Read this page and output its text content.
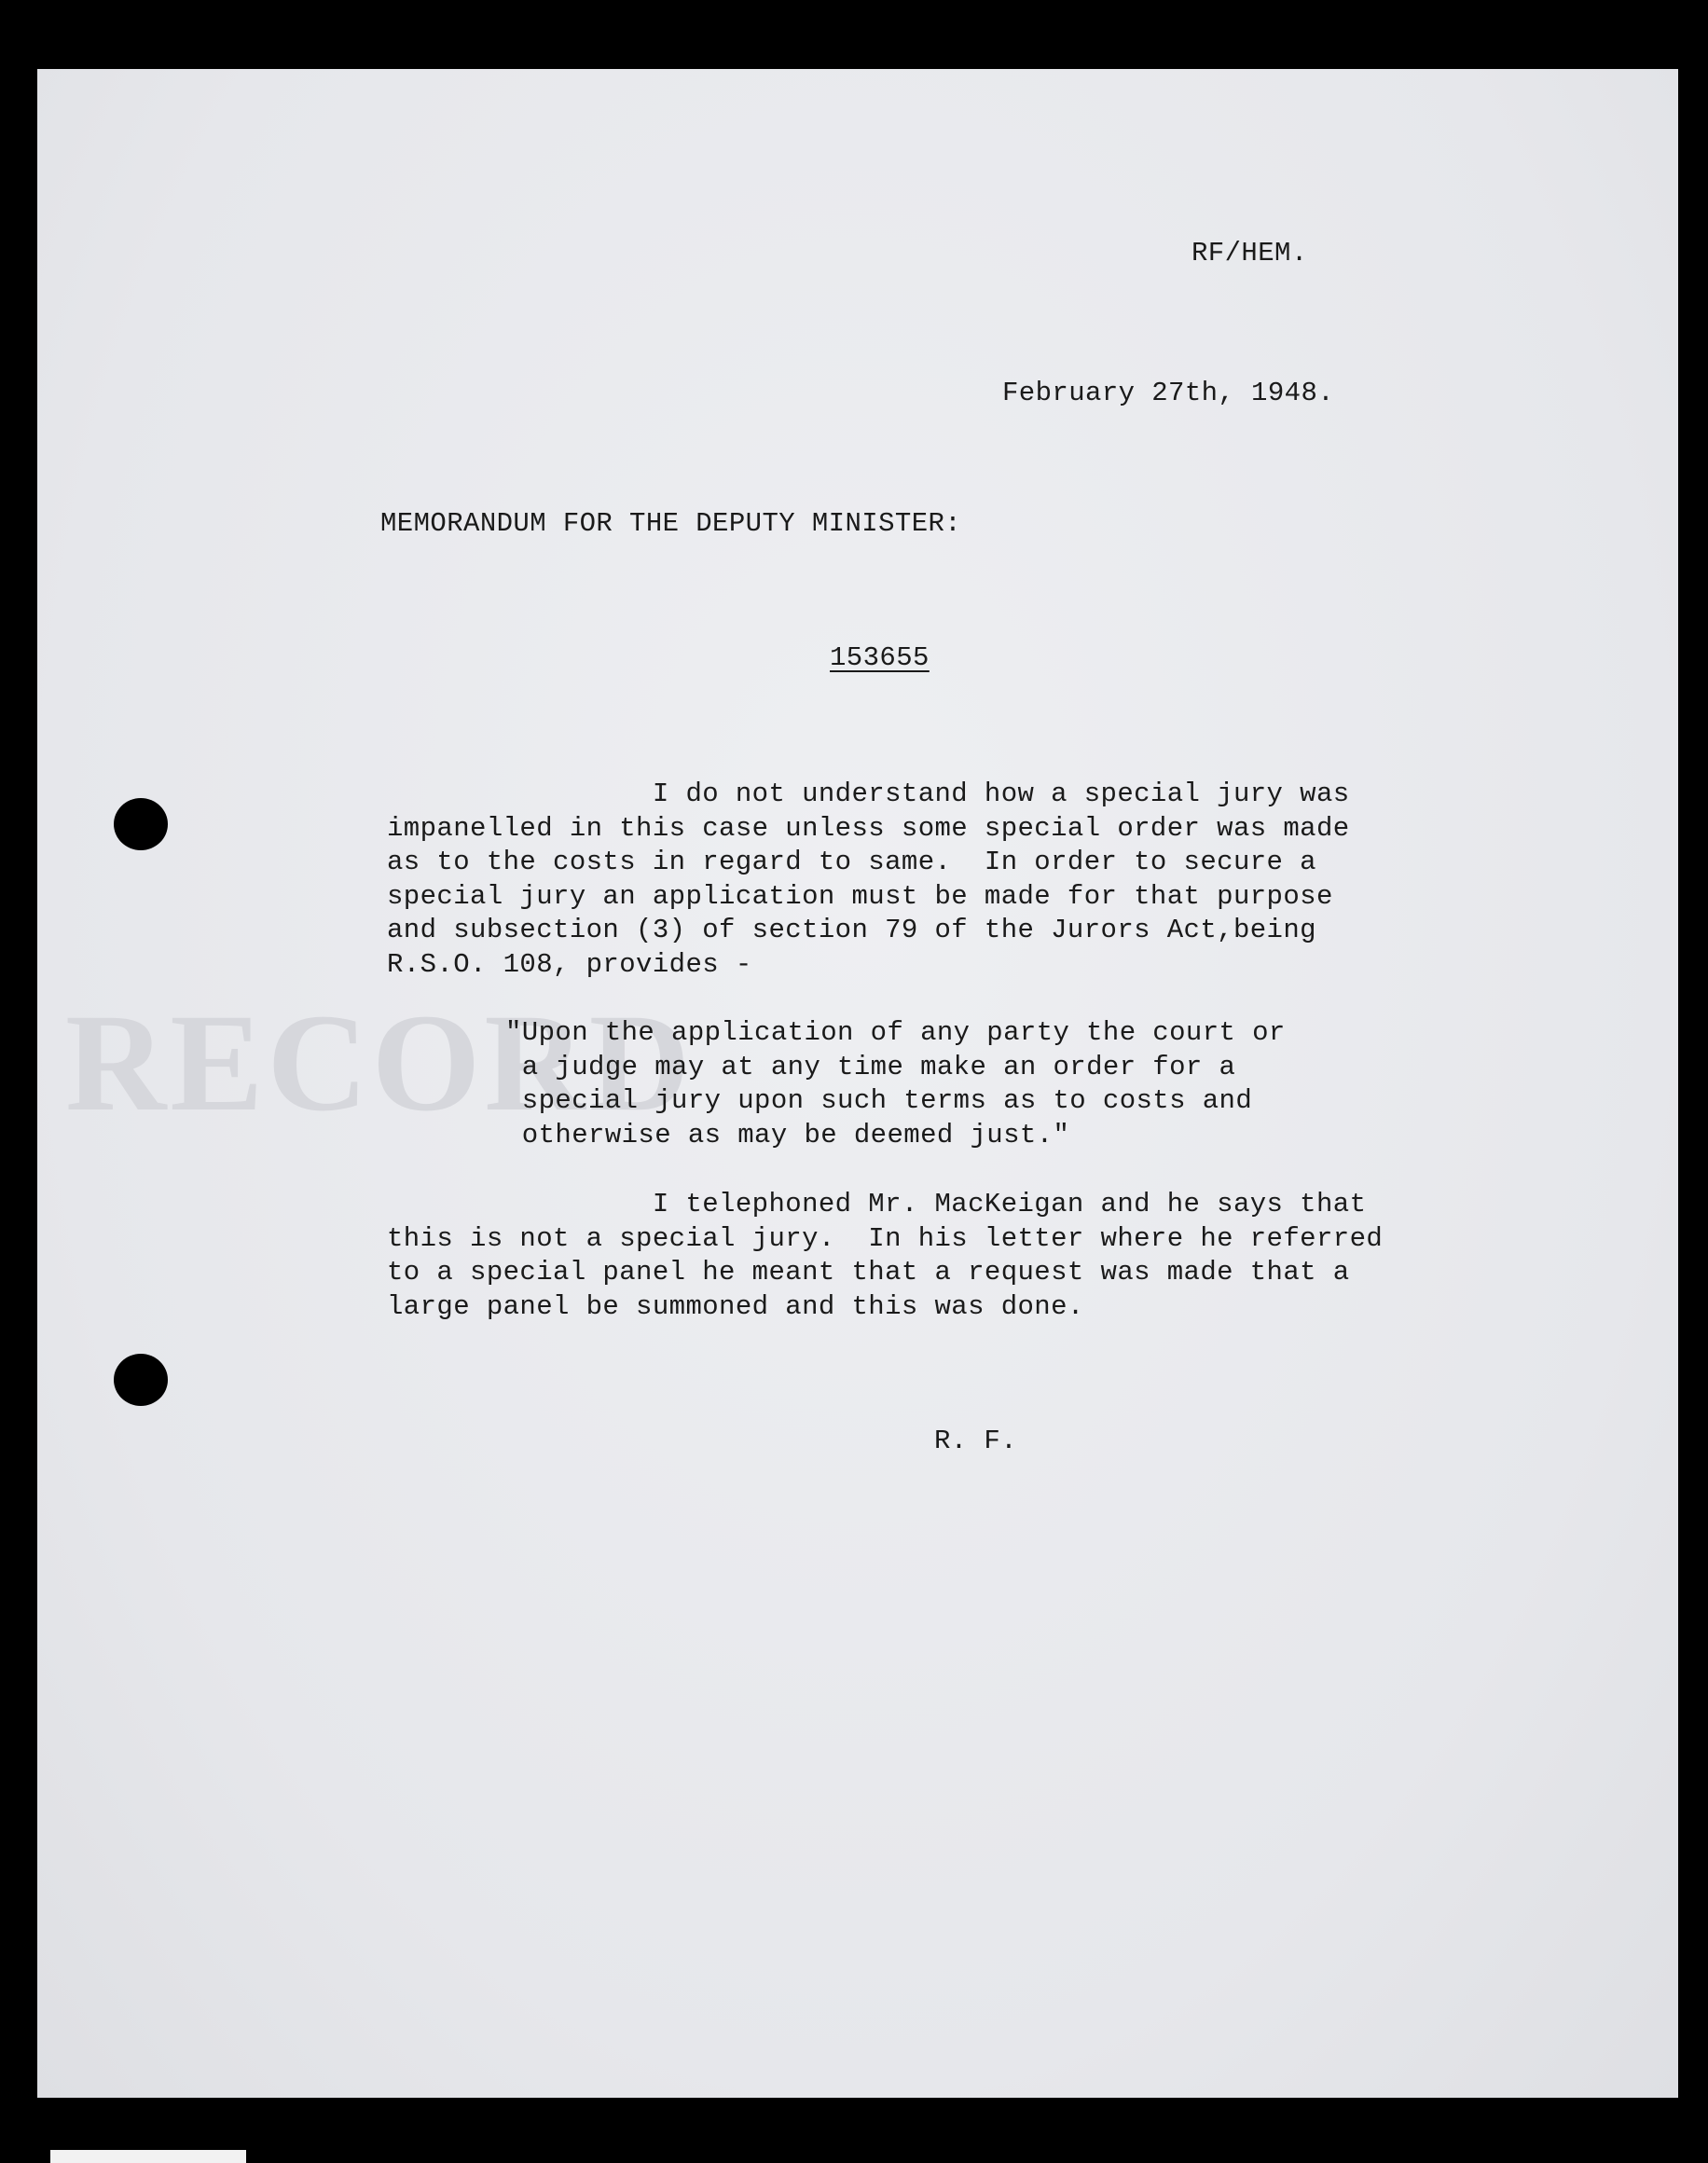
RECORD
RF/HEM.
February 27th, 1948.
MEMORANDUM FOR THE DEPUTY MINISTER:
153655
I do not understand how a special jury was
impanelled in this case unless some special order was made
as to the costs in regard to same.  In order to secure a
special jury an application must be made for that purpose
and subsection (3) of section 79 of the Jurors Act,being
R.S.O. 108, provides -
"Upon the application of any party the court or
a judge may at any time make an order for a
special jury upon such terms as to costs and
otherwise as may be deemed just."
I telephoned Mr. MacKeigan and he says that
this is not a special jury.  In his letter where he referred
to a special panel he meant that a request was made that a
large panel be summoned and this was done.
R. F.
